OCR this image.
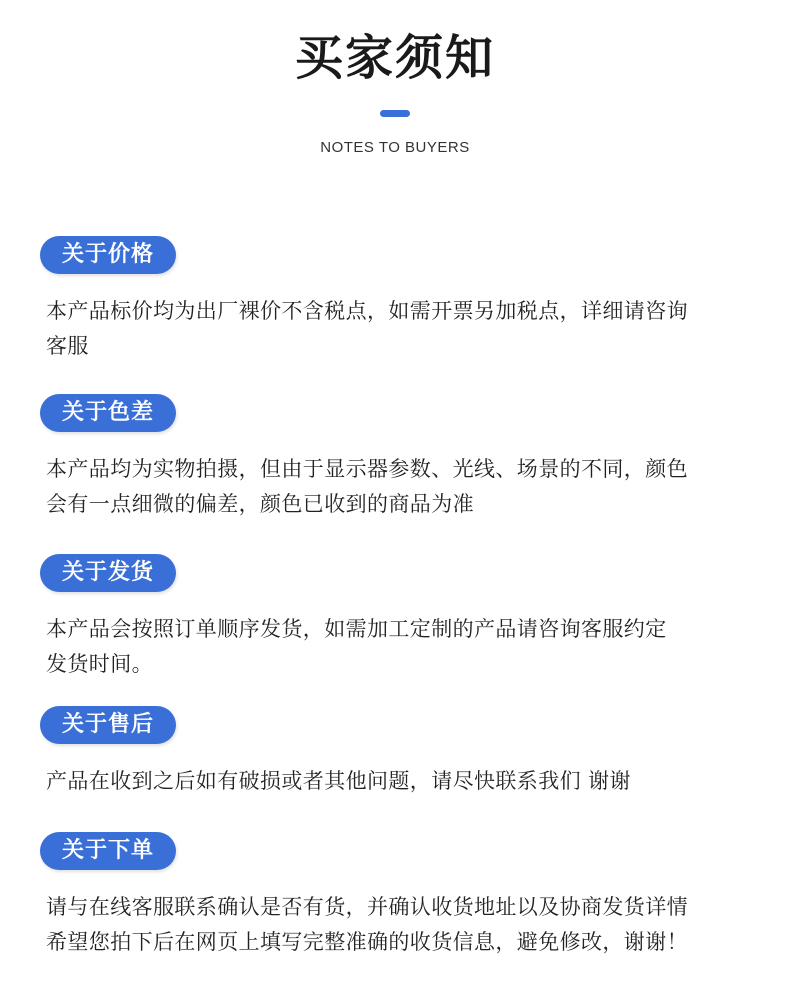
买家须知
NOTES TO BUYERS
关于价格
本产品标价均为出厂裸价不含税点，如需开票另加税点，详细请咨询
客服
关于色差
本产品均为实物拍摄，但由于显示器参数、光线、场景的不同，颜色
会有一点细微的偏差，颜色已收到的商品为准
关于发货
本产品会按照订单顺序发货，如需加工定制的产品请咨询客服约定
发货时间。
关于售后
产品在收到之后如有破损或者其他问题，请尽快联系我们 谢谢
关于下单
请与在线客服联系确认是否有货，并确认收货地址以及协商发货详情
希望您拍下后在网页上填写完整准确的收货信息，避免修改，谢谢！
